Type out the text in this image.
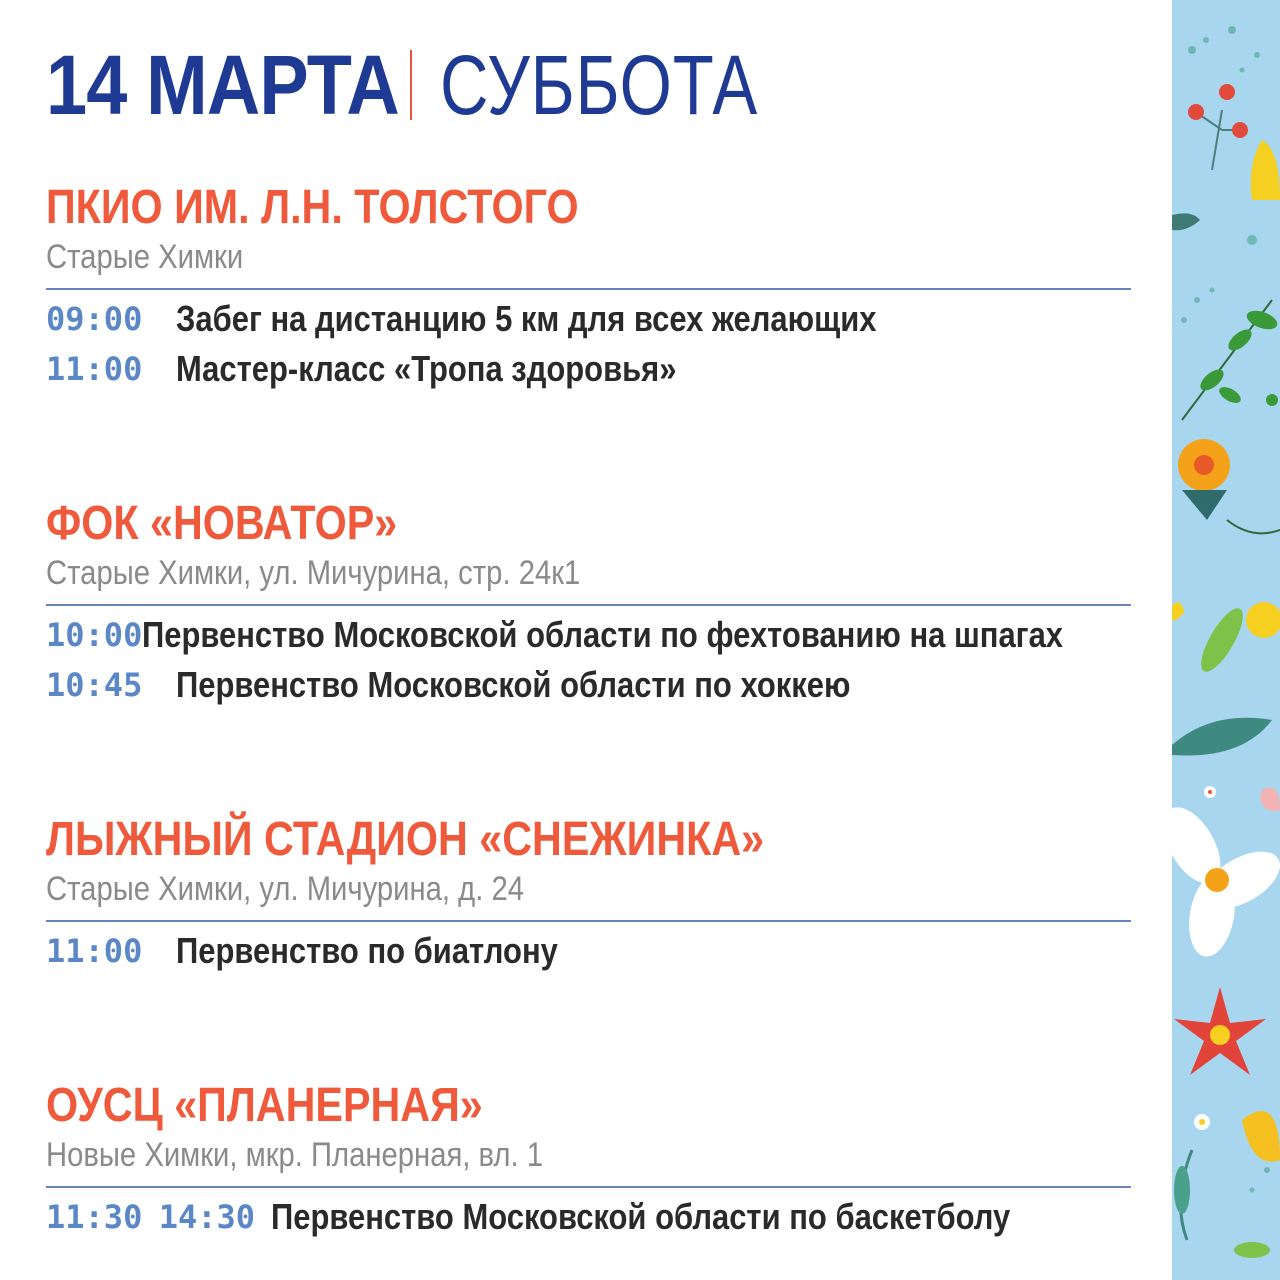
14 МАРТА СУББОТА
ПКИО ИМ. Л.Н. ТОЛСТОГО
Старые Химки
09:00 Забег на дистанцию 5 км для всех желающих
11:00 Мастер-класс «Тропа здоровья»
ФОК «НОВАТОР»
Старые Химки, ул. Мичурина, стр. 24к1
10:00 Первенство Московской области по фехтованию на шпагах
10:45 Первенство Московской области по хоккею
ЛЫЖНЫЙ СТАДИОН «СНЕЖИНКА»
Старые Химки, ул. Мичурина, д. 24
11:00 Первенство по биатлону
ОУСЦ «ПЛАНЕРНАЯ»
Новые Химки, мкр. Планерная, вл. 1
11:30 14:30 Первенство Московской области по баскетболу
